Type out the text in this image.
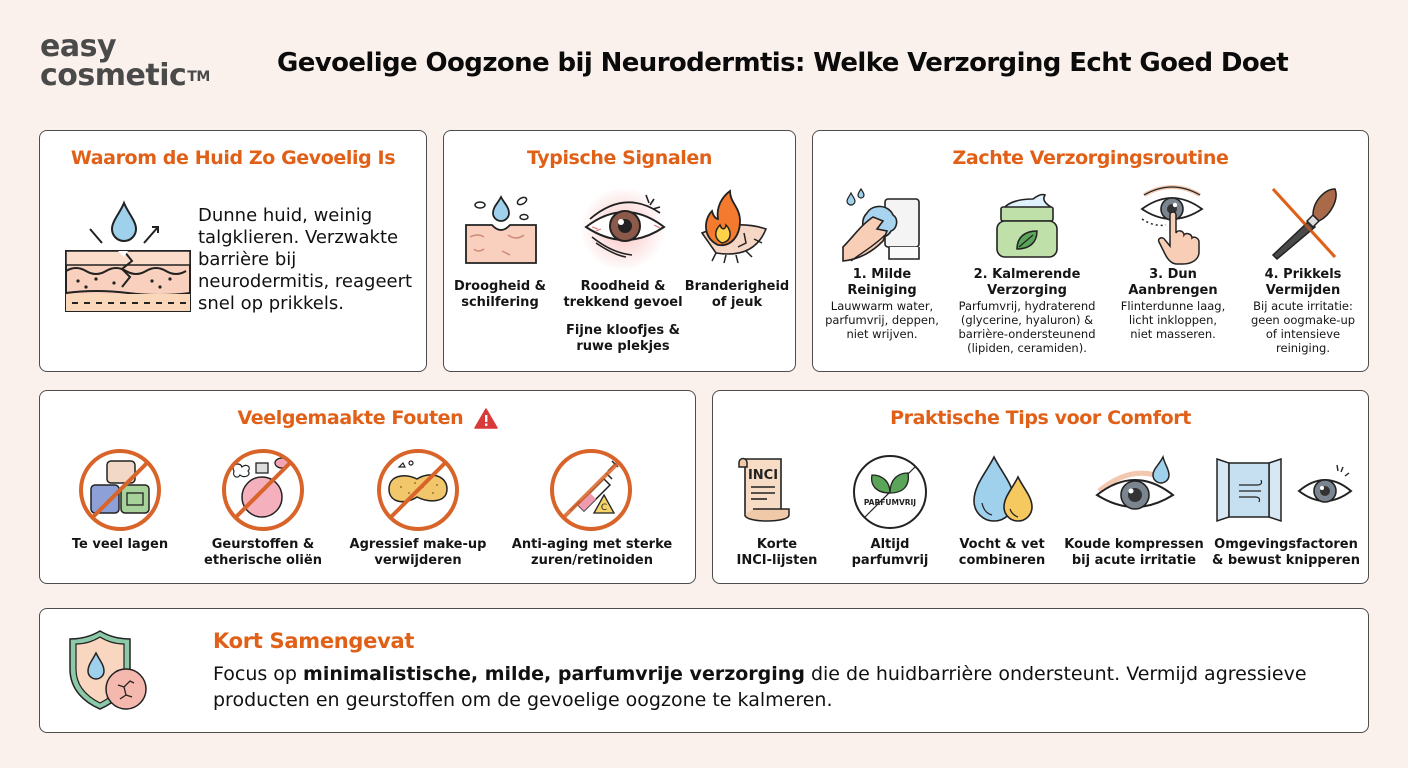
easy
cosmetic™	Gevoelige Oogzone bij Neurodermtis: Welke Verzorging Echt Goed Doet
Waarom de Huid Zo Gevoelig Is
Dunne huid, weinig talgklieren. Verzwakte barrière bij neurodermitis, reageert snel op prikkels.
Typische Signalen
Droogheid &
schilfering
Roodheid &
trekkend gevoel
Branderigheid
of jeuk
Fijne kloofjes &
ruwe plekjes
Zachte Verzorgingsroutine
1. Milde
Reiniging
Lauwwarm water,
parfumvrij, deppen,
niet wrijven.
2. Kalmerende
Verzorging
Parfumvrij, hydraterend
(glycerine, hyaluron) &
barrière-ondersteunend
(lipiden, ceramiden).
3. Dun
Aanbrengen
Flinterdunne laag,
licht inkloppen,
niet masseren.
4. Prikkels
Vermijden
Bij acute irritatie:
geen oogmake-up
of intensieve
reiniging.
Veelgemaakte Fouten
C
Te veel lagen	Geurstoffen &
etherische oliën
Agressief make-up
verwijderen
Anti-aging met sterke
zuren/retinoiden
Praktische Tips voor Comfort
INCI
PARFUMVRIJ
Korte
INCI-lijsten
Altijd
parfumvrij
Vocht & vet
combineren
Koude kompressen
bij acute irritatie
Omgevingsfactoren
& bewust knipperen
Kort Samengevat
Focus op minimalistische, milde, parfumvrije verzorging die de huidbarrière ondersteunt. Vermijd agressieve producten en geurstoffen om de gevoelige oogzone te kalmeren.
